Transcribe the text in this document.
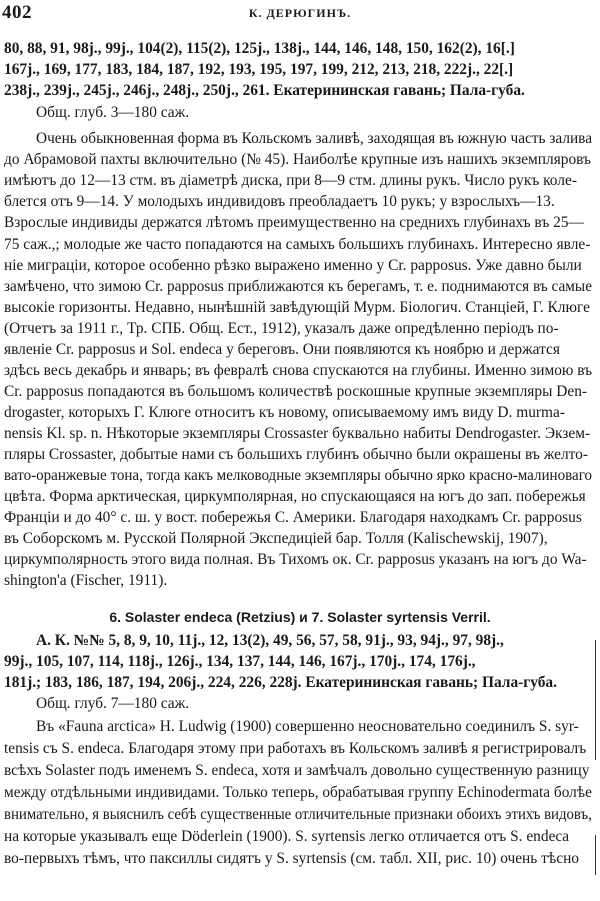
402	К. ДЕРЮГИНЪ.
80, 88, 91, 98j., 99j., 104(2), 115(2), 125j., 138j., 144, 146, 148, 150, 162(2), 16[.]
167j., 169, 177, 183, 184, 187, 192, 193, 195, 197, 199, 212, 213, 218, 222j., 22[.]
238j., 239j., 245j., 246j., 248j., 250j., 261. Екатерининская гавань; Пала-губа.
Общ. глуб. 3—180 саж.
Очень обыкновенная форма въ Кольскомъ заливѣ, заходящая въ южную часть залива
до Абрамовой пахты включительно (№ 45). Наиболѣе крупные изъ нашихъ экземпляровъ
имѣютъ до 12—13 стм. въ діаметрѣ диска, при 8—9 стм. длины рукъ. Число рукъ коле-
блется отъ 9—14. У молодыхъ индивидовъ преобладаетъ 10 рукъ; у взрослыхъ—13.
Взрослые индивиды держатся лѣтомъ преимущественно на среднихъ глубинахъ въ 25—
75 саж.,; молодые же часто попадаются на самыхъ большихъ глубинахъ. Интересно явле-
ніе миграціи, которое особенно рѣзко выражено именно у Cr. papposus. Уже давно были
замѣчено, что зимою Cr. papposus приближаются къ берегамъ, т. е. поднимаются въ самые
высокіе горизонты. Недавно, нынѣшній завѣдующій Мурм. Біологич. Станціей, Г. Клюге
(Отчетъ за 1911 г., Тр. СПБ. Общ. Ест., 1912), указалъ даже опредѣленно періодъ по-
явленіе Cr. papposus и Sol. endeca у береговъ. Они появляются къ ноябрю и держатся
здѣсь весь декабрь и январь; въ февралѣ снова спускаются на глубины. Именно зимою въ
Cr. papposus попадаются въ большомъ количествѣ роскошные крупные экземпляры Den-
drogaster, которыхъ Г. Клюге относитъ къ новому, описываемому имъ виду D. murma-
nensis Kl. sp. n. Нѣкоторые экземпляры Crossaster буквально набиты Dendrogaster. Экзем-
пляры Crossaster, добытые нами съ большихъ глубинъ обычно были окрашены въ желто-
вато-оранжевые тона, тогда какъ мелководные экземпляры обычно ярко красно-малиноваго
цвѣта. Форма арктическая, циркумполярная, но спускающаяся на югъ до зап. побережья
Франціи и до 40° с. ш. у вост. побережья С. Америки. Благодаря находкамъ Cr. papposus
въ Соборскомъ м. Русской Полярной Экспедиціей бар. Толля (Kalischewskij, 1907),
циркумполярность этого вида полная. Въ Тихомъ ок. Cr. papposus указанъ на югъ до Wa-
shington'a (Fischer, 1911).
6. Solaster endeca (Retzius) и 7. Solaster syrtensis Verril.
А. К. №№ 5, 8, 9, 10, 11j., 12, 13(2), 49, 56, 57, 58, 91j., 93, 94j., 97, 98j.,
99j., 105, 107, 114, 118j., 126j., 134, 137, 144, 146, 167j., 170j., 174, 176j.,
181j.; 183, 186, 187, 194, 206j., 224, 226, 228j. Екатерининская гавань; Пала-губа.
Общ. глуб. 7—180 саж.
Въ «Fauna arctica» H. Ludwig (1900) совершенно неосновательно соединилъ S. syr-
tensis съ S. endeca. Благодаря этому при работахъ въ Кольскомъ заливѣ я регистрировалъ
всѣхъ Solaster подъ именемъ S. endeca, хотя и замѣчалъ довольно существенную разницу
между отдѣльными индивидами. Только теперь, обрабатывая группу Echinodermata болѣе
внимательно, я выяснилъ себѣ существенные отличительные признаки обоихъ этихъ видовъ,
на которые указывалъ еще Döderlein (1900). S. syrtensis легко отличается отъ S. endeca
во-первыхъ тѣмъ, что паксиллы сидятъ у S. syrtensis (см. табл. XII, рис. 10) очень тѣсно
